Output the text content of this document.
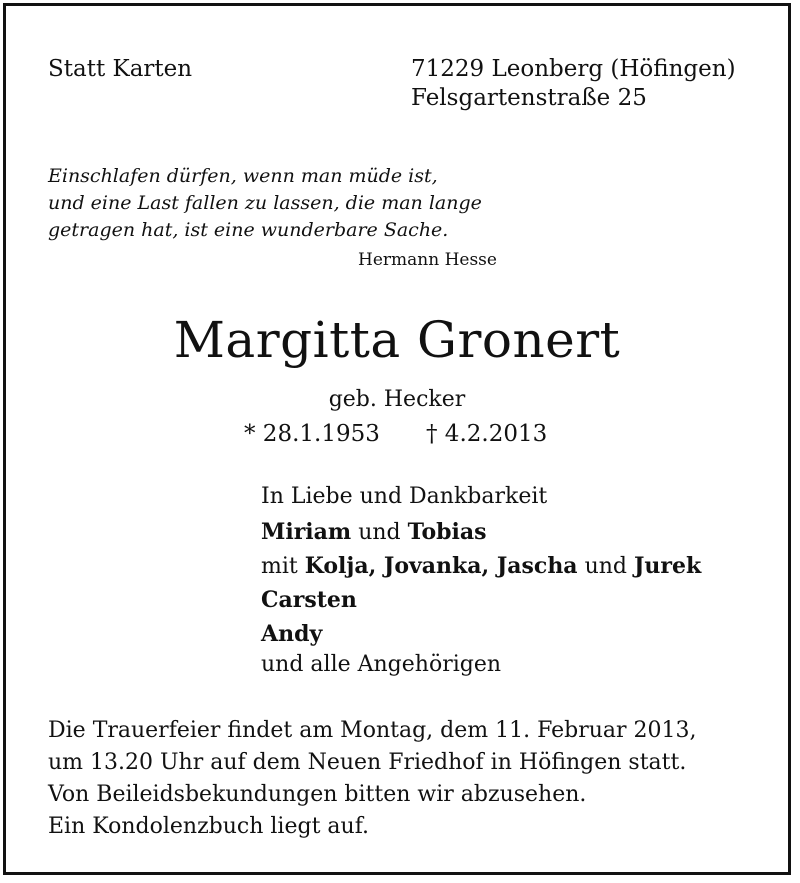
Statt Karten	71229 Leonberg (Höfingen)
Felsgartenstraße 25
Einschlafen dürfen, wenn man müde ist,
und eine Last fallen zu lassen, die man lange
getragen hat, ist eine wunderbare Sache.
Hermann Hesse
Margitta Gronert
geb. Hecker
* 28.1.1953 † 4.2.2013
In Liebe und Dankbarkeit
Miriam und Tobias
mit Kolja, Jovanka, Jascha und Jurek
Carsten
Andy
und alle Angehörigen
Die Trauerfeier findet am Montag, dem 11. Februar 2013,
um 13.20 Uhr auf dem Neuen Friedhof in Höfingen statt.
Von Beileidsbekundungen bitten wir abzusehen.
Ein Kondolenzbuch liegt auf.
